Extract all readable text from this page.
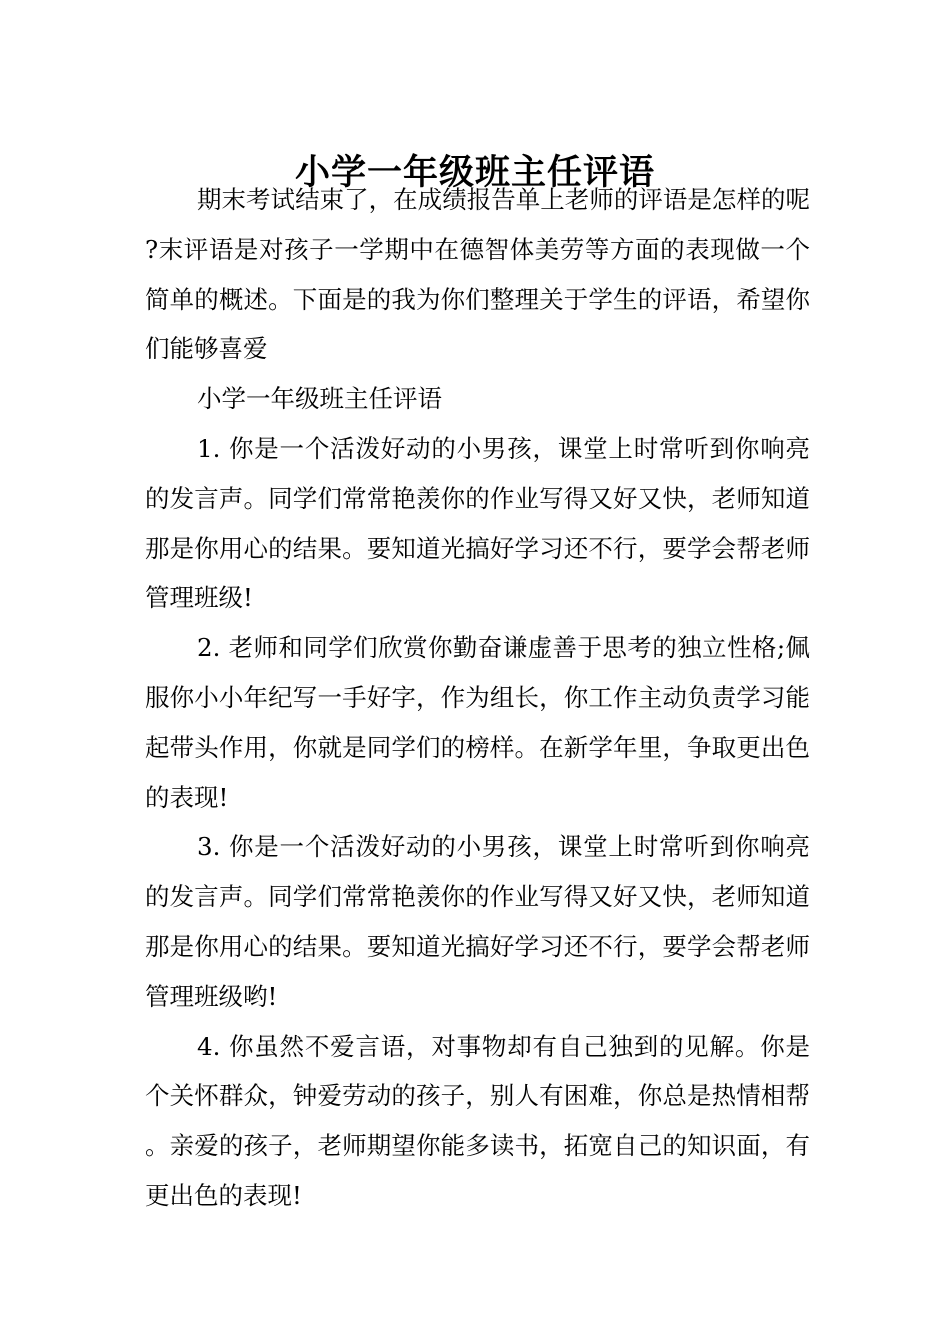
小学一年级班主任评语

期末考试结束了，在成绩报告单上老师的评语是怎样的呢?末评语是对孩子一学期中在德智体美劳等方面的表现做一个简单的概述。下面是的我为你们整理关于学生的评语，希望你们能够喜爱

小学一年级班主任评语

1. 你是一个活泼好动的小男孩，课堂上时常听到你响亮的发言声。同学们常常艳羡你的作业写得又好又快，老师知道那是你用心的结果。要知道光搞好学习还不行，要学会帮老师管理班级!

2. 老师和同学们欣赏你勤奋谦虚善于思考的独立性格;佩服你小小年纪写一手好字，作为组长，你工作主动负责学习能起带头作用，你就是同学们的榜样。在新学年里，争取更出色的表现!

3. 你是一个活泼好动的小男孩，课堂上时常听到你响亮的发言声。同学们常常艳羡你的作业写得又好又快，老师知道那是你用心的结果。要知道光搞好学习还不行，要学会帮老师管理班级哟!

4. 你虽然不爱言语，对事物却有自己独到的见解。你是个关怀群众，钟爱劳动的孩子，别人有困难，你总是热情相帮。亲爱的孩子，老师期望你能多读书，拓宽自己的知识面，有更出色的表现!
